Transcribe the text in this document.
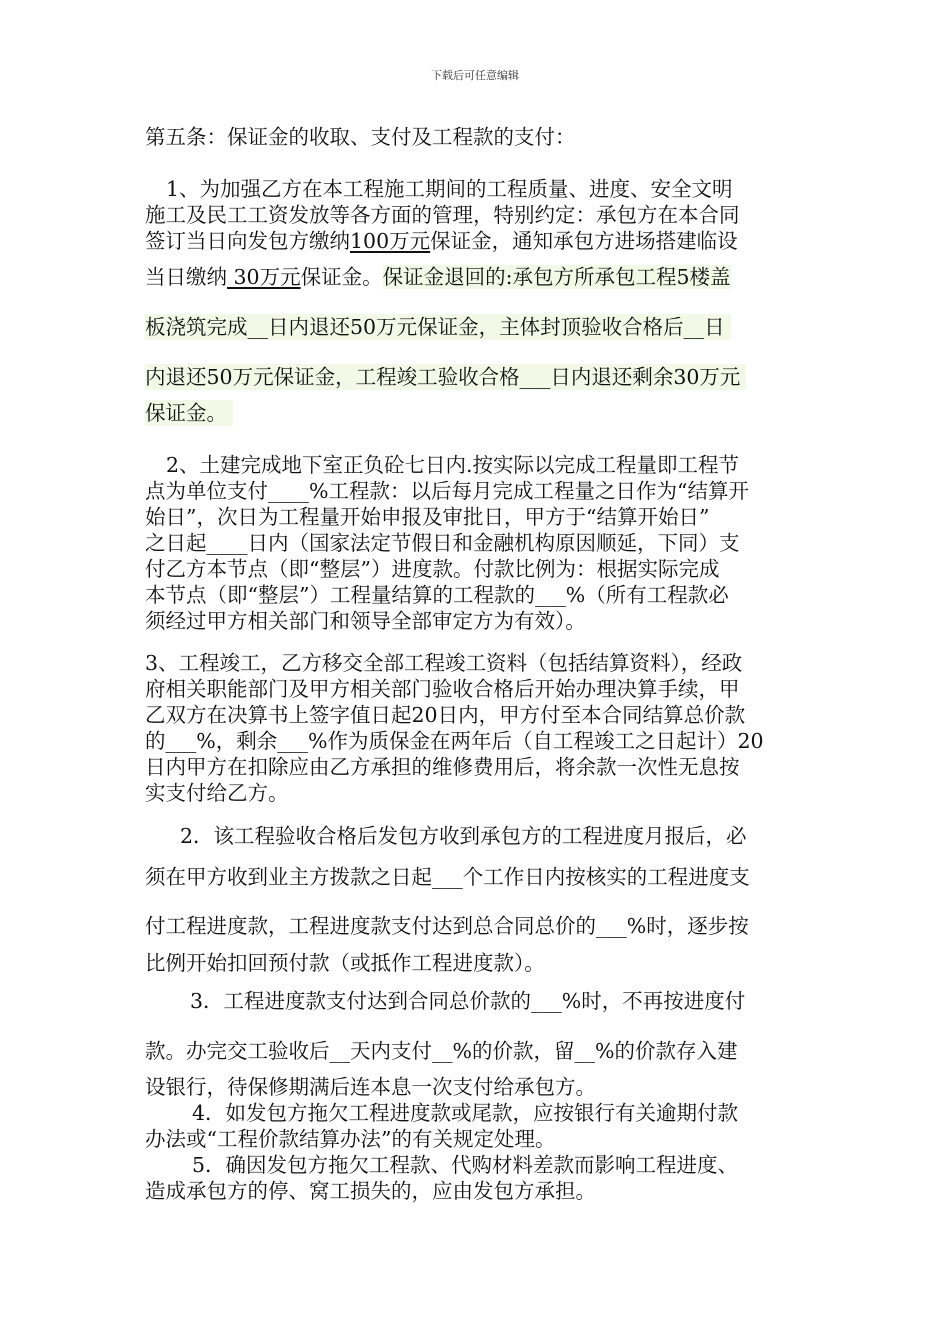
下载后可任意编辑
第五条：保证金的收取、支付及工程款的支付：
1、为加强乙方在本工程施工期间的工程质量、进度、安全文明
施工及民工工资发放等各方面的管理，特别约定：承包方在本合同
签订当日向发包方缴纳100万元保证金，通知承包方进场搭建临设
当日缴纳 30万元保证金。保证金退回的:承包方所承包工程5楼盖
板浇筑完成__日内退还50万元保证金，主体封顶验收合格后__日
内退还50万元保证金，工程竣工验收合格___日内退还剩余30万元
保证金。
2、土建完成地下室正负砼七日内.按实际以完成工程量即工程节
点为单位支付____%工程款：以后每月完成工程量之日作为“结算开
始日”，次日为工程量开始申报及审批日，甲方于“结算开始日”
之日起____日内（国家法定节假日和金融机构原因顺延，下同）支
付乙方本节点（即“整层”）进度款。付款比例为：根据实际完成
本节点（即“整层”）工程量结算的工程款的___%（所有工程款必
须经过甲方相关部门和领导全部审定方为有效）。
3、工程竣工，乙方移交全部工程竣工资料（包括结算资料），经政
府相关职能部门及甲方相关部门验收合格后开始办理决算手续，甲
乙双方在决算书上签字值日起20日内，甲方付至本合同结算总价款
的___%，剩余___%作为质保金在两年后（自工程竣工之日起计）20
日内甲方在扣除应由乙方承担的维修费用后，将余款一次性无息按
实支付给乙方。
2．该工程验收合格后发包方收到承包方的工程进度月报后，必
须在甲方收到业主方拨款之日起___个工作日内按核实的工程进度支
付工程进度款，工程进度款支付达到总合同总价的___%时，逐步按
比例开始扣回预付款（或抵作工程进度款）。
3．工程进度款支付达到合同总价款的___%时，不再按进度付
款。办完交工验收后__天内支付__%的价款，留__%的价款存入建
设银行，待保修期满后连本息一次支付给承包方。
4．如发包方拖欠工程进度款或尾款，应按银行有关逾期付款
办法或“工程价款结算办法”的有关规定处理。
5．确因发包方拖欠工程款、代购材料差款而影响工程进度、
造成承包方的停、窝工损失的，应由发包方承担。
